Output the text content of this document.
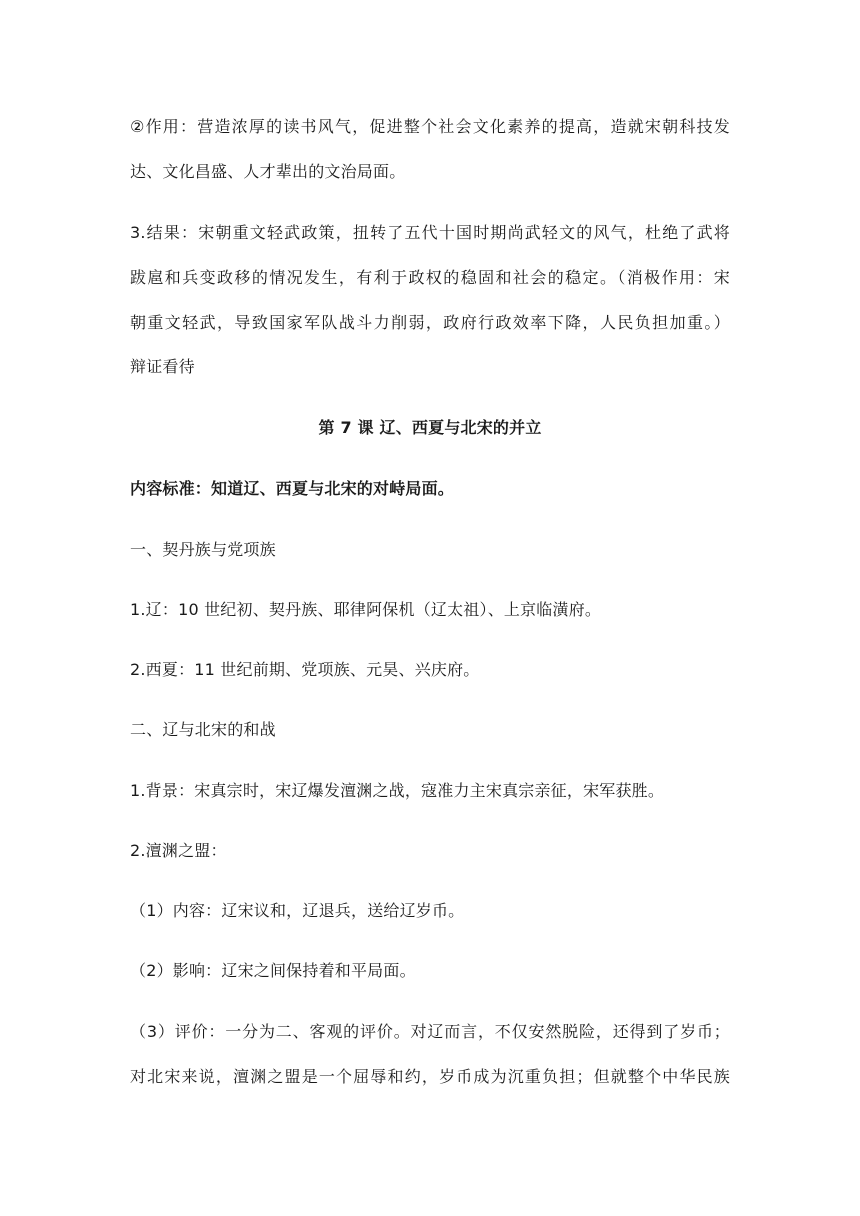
②作用：营造浓厚的读书风气，促进整个社会文化素养的提高，造就宋朝科技发
达、文化昌盛、人才辈出的文治局面。
3.结果：宋朝重文轻武政策，扭转了五代十国时期尚武轻文的风气，杜绝了武将
跋扈和兵变政移的情况发生，有利于政权的稳固和社会的稳定。（消极作用：宋
朝重文轻武，导致国家军队战斗力削弱，政府行政效率下降，人民负担加重。）
辩证看待
第 7 课 辽、西夏与北宋的并立
内容标准：知道辽、西夏与北宋的对峙局面。
一、契丹族与党项族
1.辽：10 世纪初、契丹族、耶律阿保机（辽太祖）、上京临潢府。
2.西夏：11 世纪前期、党项族、元昊、兴庆府。
二、辽与北宋的和战
1.背景：宋真宗时，宋辽爆发澶渊之战，寇准力主宋真宗亲征，宋军获胜。
2.澶渊之盟：
（1）内容：辽宋议和，辽退兵，送给辽岁币。
（2）影响：辽宋之间保持着和平局面。
（3）评价：一分为二、客观的评价。对辽而言，不仅安然脱险，还得到了岁币；
对北宋来说，澶渊之盟是一个屈辱和约，岁币成为沉重负担；但就整个中华民族
